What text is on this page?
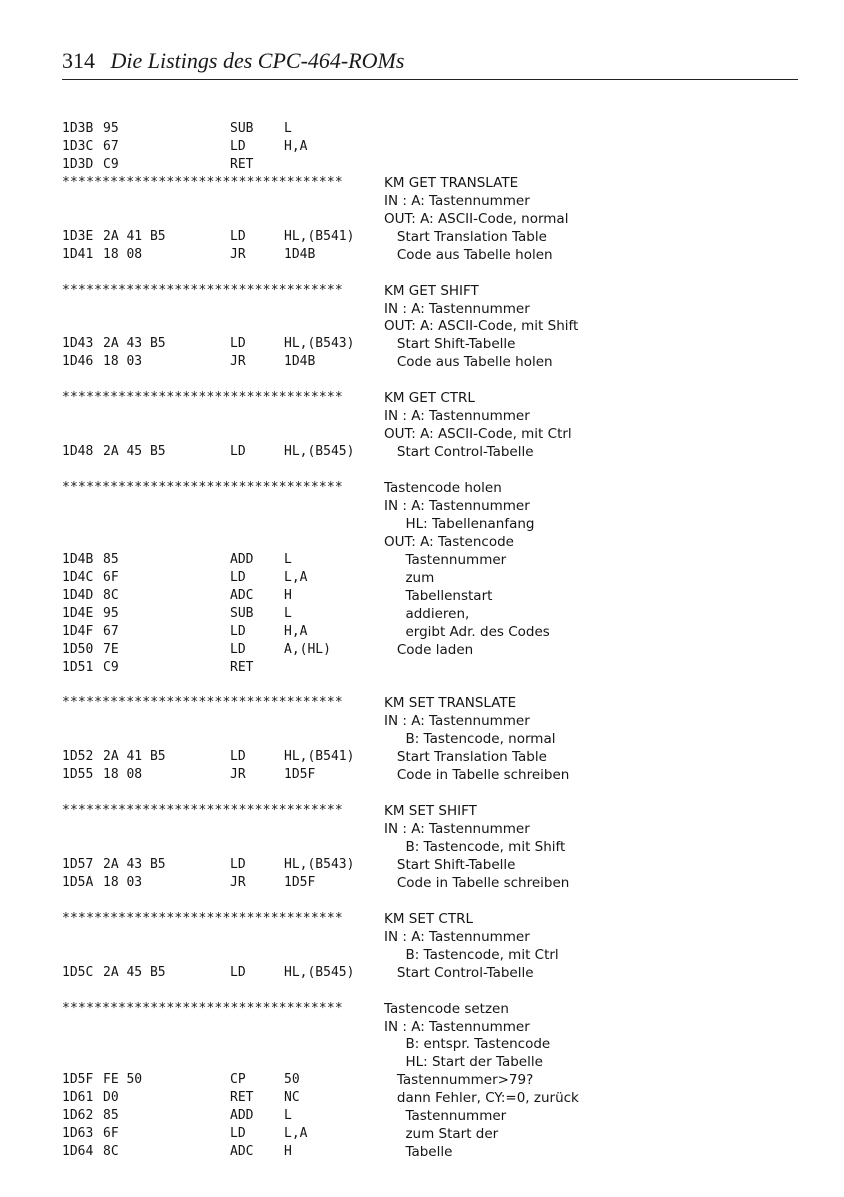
314 Die Listings des CPC-464-ROMs
1D3B 95	SUB L
1D3C 67	LD	H,A
1D3D C9	RET
***********************************	KM GET TRANSLATE
IN : A: Tastennummer
OUT: A: ASCII-Code, normal
1D3E 2A 41 B5	LD	HL,(B541) Start Translation Table
1D41 18 08	JR	1D4B	Code aus Tabelle holen
***********************************	KM GET SHIFT
IN : A: Tastennummer
OUT: A: ASCII-Code, mit Shift
1D43 2A 43 B5	LD	HL,(B543) Start Shift-Tabelle
1D46 18 03	JR	1D4B	Code aus Tabelle holen
***********************************	KM GET CTRL
IN : A: Tastennummer
OUT: A: ASCII-Code, mit Ctrl
1D48 2A 45 B5	LD	HL,(B545) Start Control-Tabelle
***********************************	Tastencode holen
IN : A: Tastennummer
HL: Tabellenanfang
OUT: A: Tastencode
1D4B 85	ADD L	Tastennummer
1D4C 6F	LD	L,A	zum
1D4D 8C	ADC H	Tabellenstart
1D4E 95	SUB L	addieren,
1D4F 67	LD	H,A	ergibt Adr. des Codes
1D50 7E	LD	A,(HL)	Code laden
1D51 C9	RET
***********************************	KM SET TRANSLATE
IN : A: Tastennummer
B: Tastencode, normal
1D52 2A 41 B5	LD	HL,(B541) Start Translation Table
1D55 18 08	JR	1D5F	Code in Tabelle schreiben
***********************************	KM SET SHIFT
IN : A: Tastennummer
B: Tastencode, mit Shift
1D57 2A 43 B5	LD	HL,(B543) Start Shift-Tabelle
1D5A 18 03	JR	1D5F	Code in Tabelle schreiben
***********************************	KM SET CTRL
IN : A: Tastennummer
B: Tastencode, mit Ctrl
1D5C 2A 45 B5	LD	HL,(B545) Start Control-Tabelle
***********************************	Tastencode setzen
IN : A: Tastennummer
B: entspr. Tastencode
HL: Start der Tabelle
1D5F FE 50	CP	50	Tastennummer>79?
1D61 D0	RET NC	dann Fehler, CY:=0, zurück
1D62 85	ADD L	Tastennummer
1D63 6F	LD	L,A	zum Start der
1D64 8C	ADC H	Tabelle
